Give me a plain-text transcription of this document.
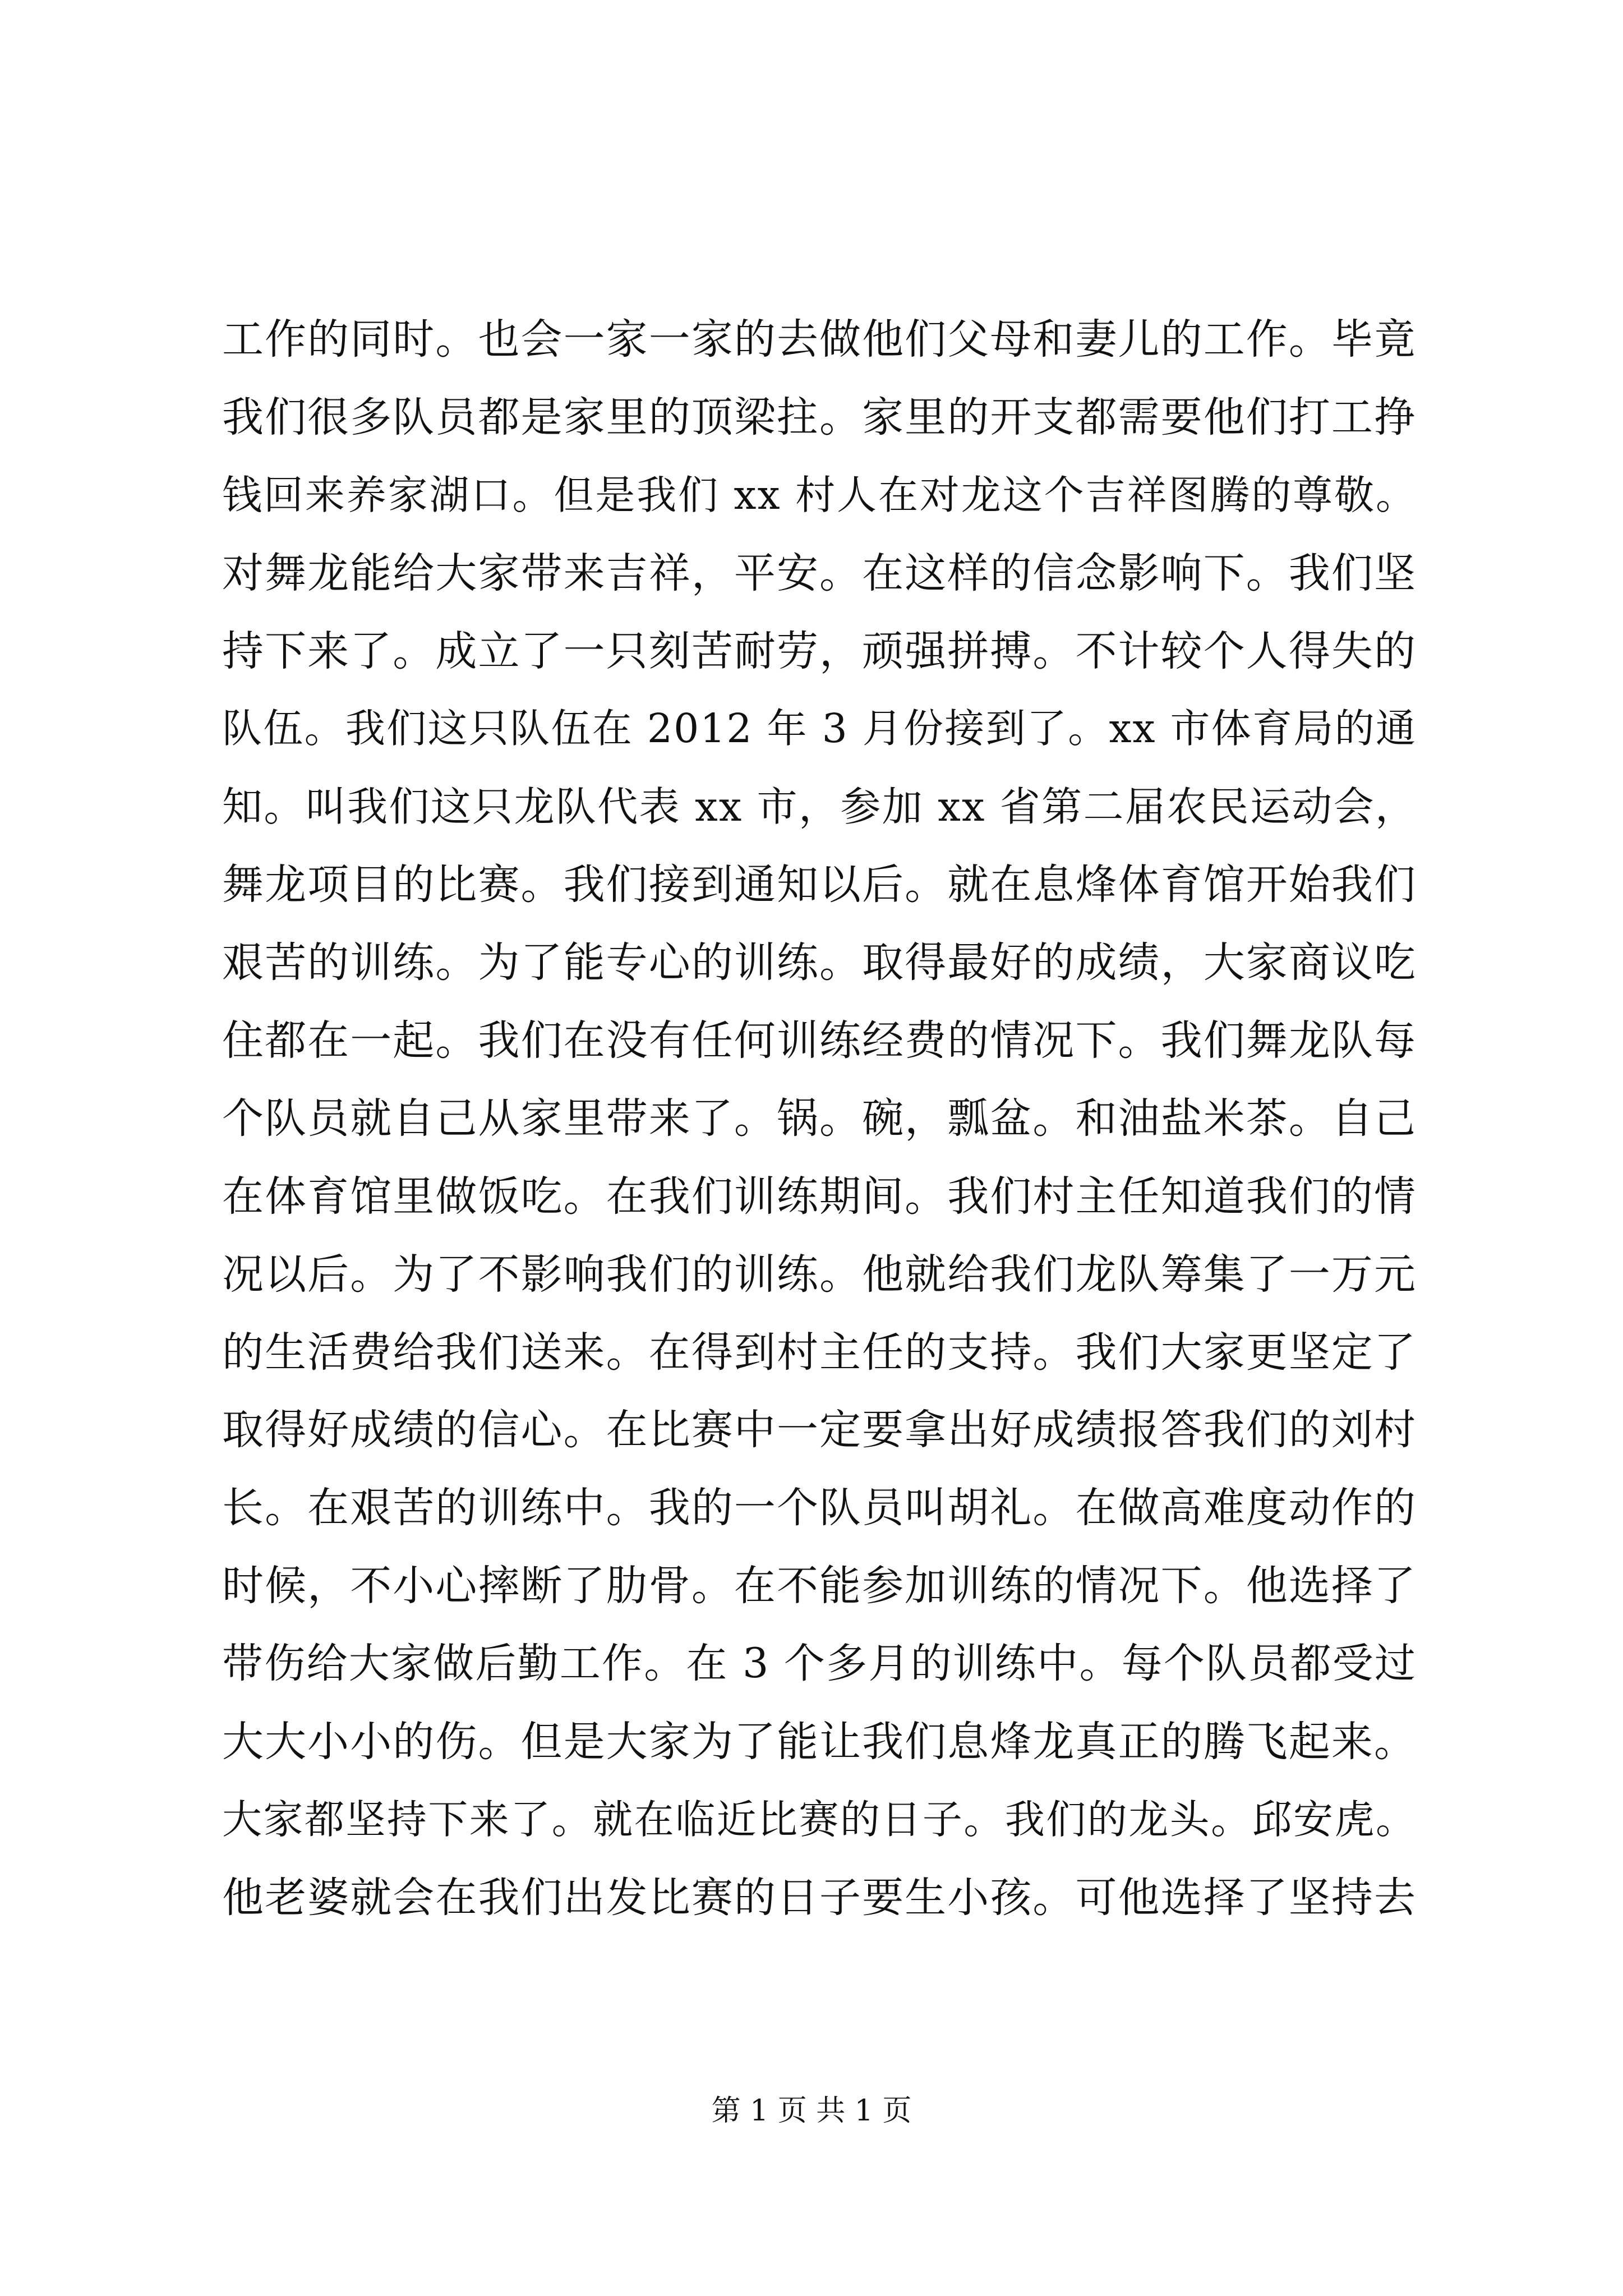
工作的同时。也会一家一家的去做他们父母和妻儿的工作。毕竟
我们很多队员都是家里的顶梁拄。家里的开支都需要他们打工挣
钱回来养家湖口。但是我们 xx 村人在对龙这个吉祥图腾的尊敬。
对舞龙能给大家带来吉祥，平安。在这样的信念影响下。我们坚
持下来了。成立了一只刻苦耐劳，顽强拼搏。不计较个人得失的
队伍。我们这只队伍在 2012 年 3 月份接到了。xx 市体育局的通
知。叫我们这只龙队代表 xx 市，参加 xx 省第二届农民运动会，
舞龙项目的比赛。我们接到通知以后。就在息烽体育馆开始我们
艰苦的训练。为了能专心的训练。取得最好的成绩，大家商议吃
住都在一起。我们在没有任何训练经费的情况下。我们舞龙队每
个队员就自己从家里带来了。锅。碗，瓢盆。和油盐米茶。自己
在体育馆里做饭吃。在我们训练期间。我们村主任知道我们的情
况以后。为了不影响我们的训练。他就给我们龙队筹集了一万元
的生活费给我们送来。在得到村主任的支持。我们大家更坚定了
取得好成绩的信心。在比赛中一定要拿出好成绩报答我们的刘村
长。在艰苦的训练中。我的一个队员叫胡礼。在做高难度动作的
时候，不小心摔断了肋骨。在不能参加训练的情况下。他选择了
带伤给大家做后勤工作。在 3 个多月的训练中。每个队员都受过
大大小小的伤。但是大家为了能让我们息烽龙真正的腾飞起来。
大家都坚持下来了。就在临近比赛的日子。我们的龙头。邱安虎。
他老婆就会在我们出发比赛的日子要生小孩。可他选择了坚持去
第 1 页 共 1 页
